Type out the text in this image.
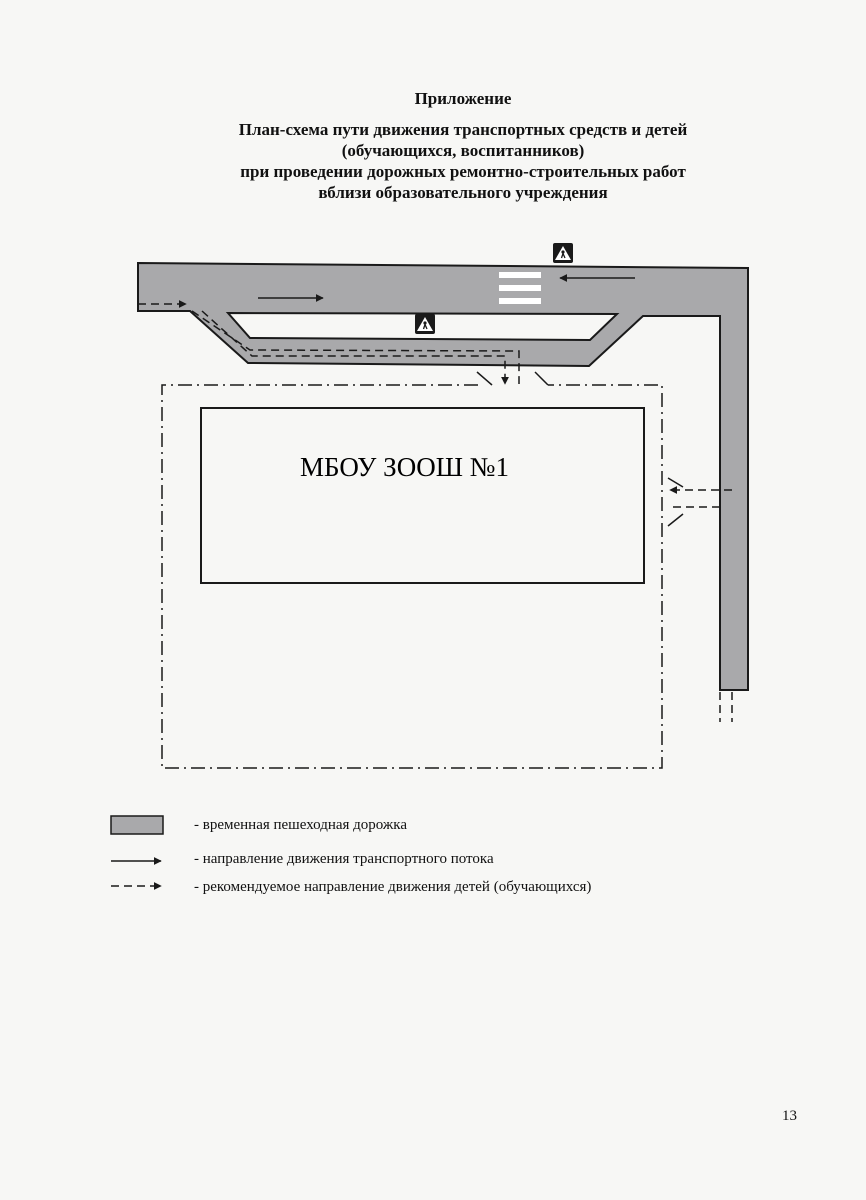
Приложение
План-схема пути движения транспортных средств и детей
(обучающихся, воспитанников)
при проведении дорожных ремонтно-строительных работ
вблизи образовательного учреждения
МБОУ ЗООШ №1
- временная пешеходная дорожка
- направление движения транспортного потока
- рекомендуемое направление движения детей (обучающихся)
13
